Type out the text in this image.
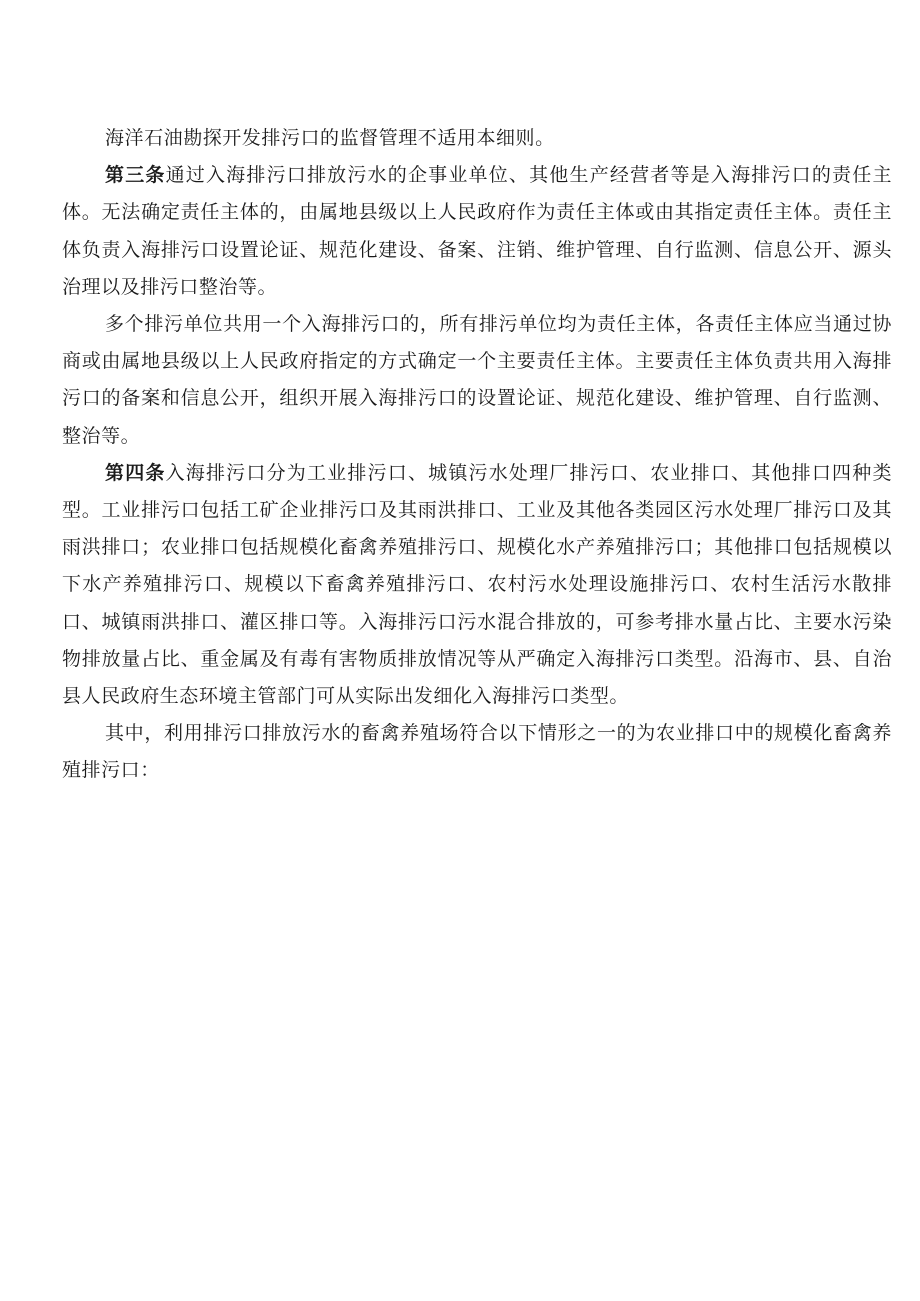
海洋石油勘探开发排污口的监督管理不适用本细则。

第三条通过入海排污口排放污水的企事业单位、其他生产经营者等是入海排污口的责任主体。无法确定责任主体的，由属地县级以上人民政府作为责任主体或由其指定责任主体。责任主体负责入海排污口设置论证、规范化建设、备案、注销、维护管理、自行监测、信息公开、源头治理以及排污口整治等。

多个排污单位共用一个入海排污口的，所有排污单位均为责任主体，各责任主体应当通过协商或由属地县级以上人民政府指定的方式确定一个主要责任主体。主要责任主体负责共用入海排污口的备案和信息公开，组织开展入海排污口的设置论证、规范化建设、维护管理、自行监测、整治等。

第四条入海排污口分为工业排污口、城镇污水处理厂排污口、农业排口、其他排口四种类型。工业排污口包括工矿企业排污口及其雨洪排口、工业及其他各类园区污水处理厂排污口及其雨洪排口；农业排口包括规模化畜禽养殖排污口、规模化水产养殖排污口；其他排口包括规模以下水产养殖排污口、规模以下畜禽养殖排污口、农村污水处理设施排污口、农村生活污水散排口、城镇雨洪排口、灌区排口等。入海排污口污水混合排放的，可参考排水量占比、主要水污染物排放量占比、重金属及有毒有害物质排放情况等从严确定入海排污口类型。沿海市、县、自治县人民政府生态环境主管部门可从实际出发细化入海排污口类型。

其中，利用排污口排放污水的畜禽养殖场符合以下情形之一的为农业排口中的规模化畜禽养殖排污口：
